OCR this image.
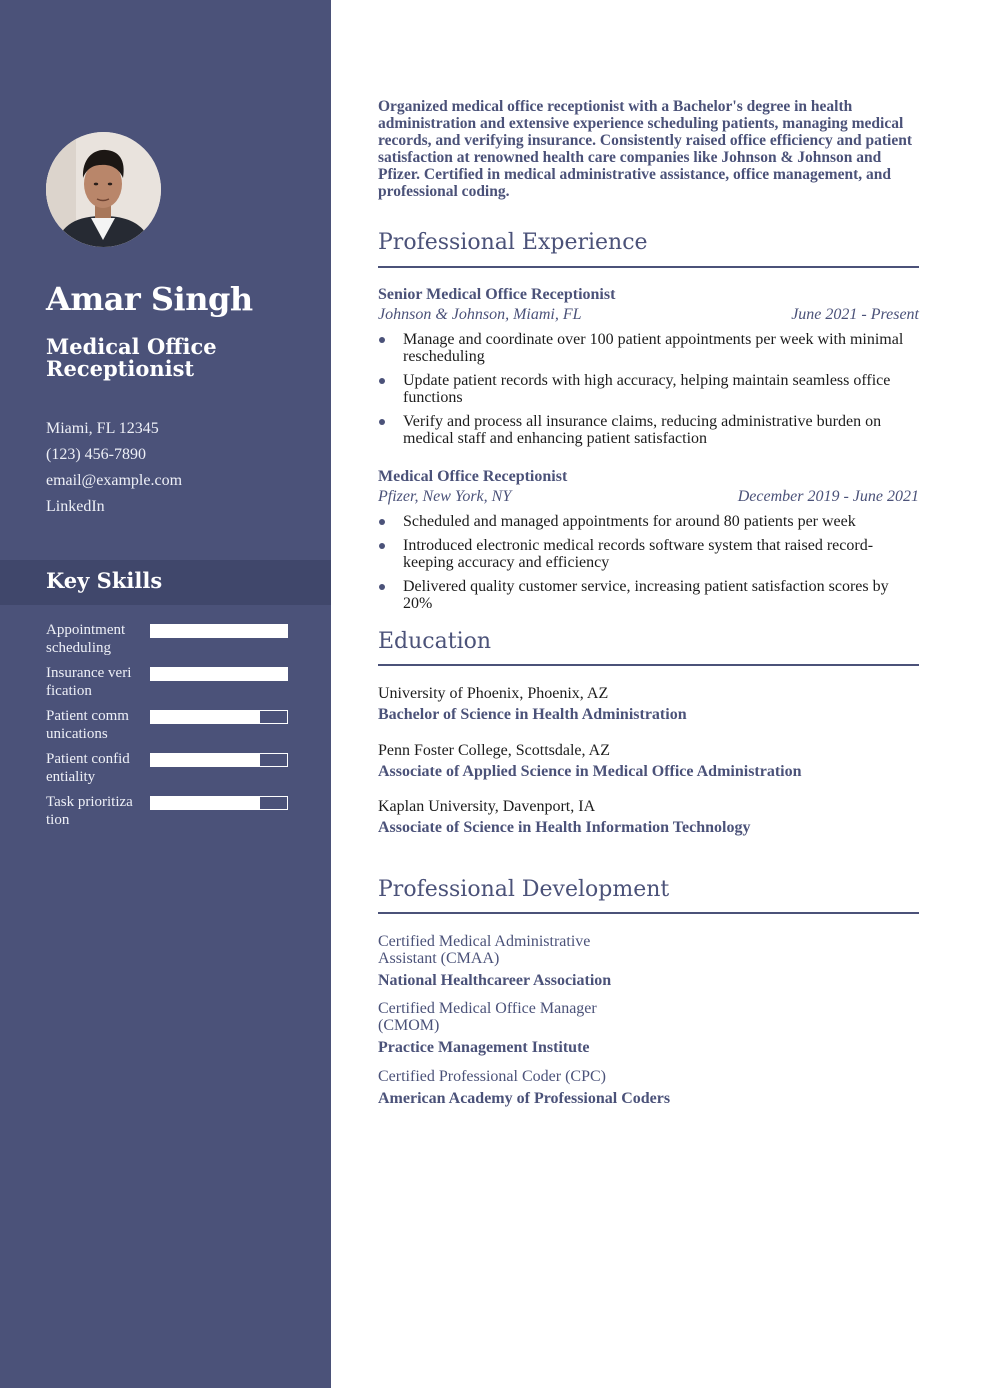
Amar Singh
Medical Office Receptionist
Miami, FL 12345
(123) 456-7890
email@example.com
LinkedIn
Key Skills
Appointment scheduling
Insurance verification
Patient communications
Patient confidentiality
Task prioritization

Organized medical office receptionist with a Bachelor's degree in health administration and extensive experience scheduling patients, managing medical records, and verifying insurance. Consistently raised office efficiency and patient satisfaction at renowned health care companies like Johnson & Johnson and Pfizer. Certified in medical administrative assistance, office management, and professional coding.

Professional Experience
Senior Medical Office Receptionist
Johnson & Johnson, Miami, FL	June 2021 - Present
Manage and coordinate over 100 patient appointments per week with minimal rescheduling
Update patient records with high accuracy, helping maintain seamless office functions
Verify and process all insurance claims, reducing administrative burden on medical staff and enhancing patient satisfaction
Medical Office Receptionist
Pfizer, New York, NY	December 2019 - June 2021
Scheduled and managed appointments for around 80 patients per week
Introduced electronic medical records software system that raised record-keeping accuracy and efficiency
Delivered quality customer service, increasing patient satisfaction scores by 20%
Education
University of Phoenix, Phoenix, AZ
Bachelor of Science in Health Administration
Penn Foster College, Scottsdale, AZ
Associate of Applied Science in Medical Office Administration
Kaplan University, Davenport, IA
Associate of Science in Health Information Technology
Professional Development
Certified Medical Administrative Assistant (CMAA)
National Healthcareer Association
Certified Medical Office Manager (CMOM)
Practice Management Institute
Certified Professional Coder (CPC)
American Academy of Professional Coders
